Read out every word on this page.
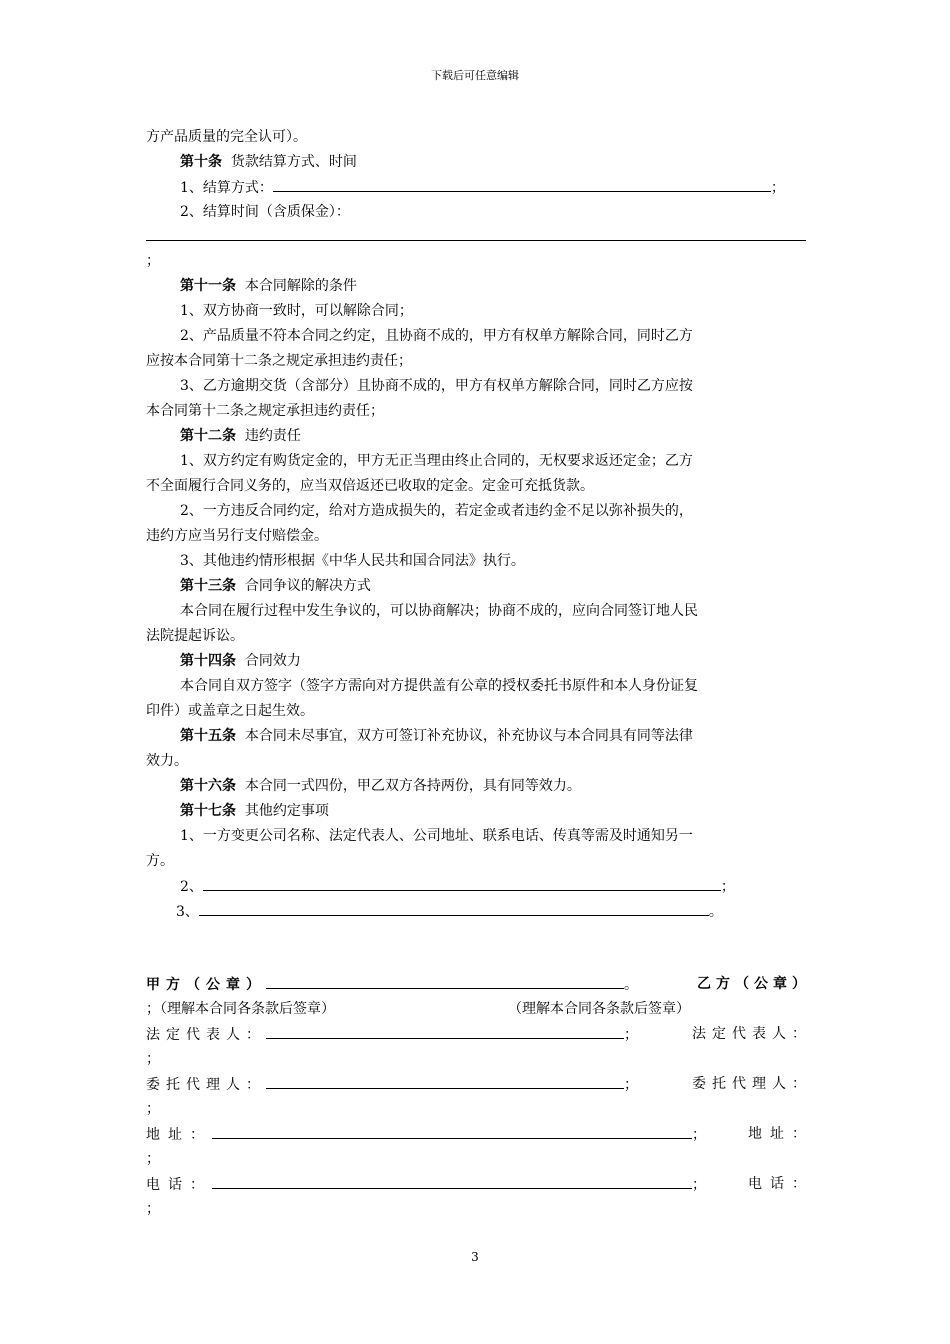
下载后可任意编辑
方产品质量的完全认可）。
第十条 货款结算方式、时间
1、结算方式：	；
2、结算时间（含质保金）：
；
第十一条 本合同解除的条件
1、双方协商一致时，可以解除合同；
2、产品质量不符本合同之约定，且协商不成的，甲方有权单方解除合同，同时乙方
应按本合同第十二条之规定承担违约责任；
3、乙方逾期交货（含部分）且协商不成的，甲方有权单方解除合同，同时乙方应按
本合同第十二条之规定承担违约责任；
第十二条 违约责任
1、双方约定有购货定金的，甲方无正当理由终止合同的，无权要求返还定金；乙方
不全面履行合同义务的，应当双倍返还已收取的定金。定金可充抵货款。
2、一方违反合同约定，给对方造成损失的，若定金或者违约金不足以弥补损失的，
违约方应当另行支付赔偿金。
3、其他违约情形根据《中华人民共和国合同法》执行。
第十三条 合同争议的解决方式
本合同在履行过程中发生争议的，可以协商解决；协商不成的，应向合同签订地人民
法院提起诉讼。
第十四条 合同效力
本合同自双方签字（签字方需向对方提供盖有公章的授权委托书原件和本人身份证复
印件）或盖章之日起生效。
第十五条 本合同未尽事宜，双方可签订补充协议，补充协议与本合同具有同等法律
效力。
第十六条 本合同一式四份，甲乙双方各持两份，具有同等效力。
第十七条 其他约定事项
1、一方变更公司名称、法定代表人、公司地址、联系电话、传真等需及时通知另一
方。
2、	；
3、	。
甲方（公章）	。	乙方（公章）
；（理解本合同各条款后签章）	（理解本合同各条款后签章）
法定代表人：	；	法定代表人：
；
委托代理人：	；	委托代理人：
；
地址：	；	地址：
；
电话：	；	电话：
；
3
